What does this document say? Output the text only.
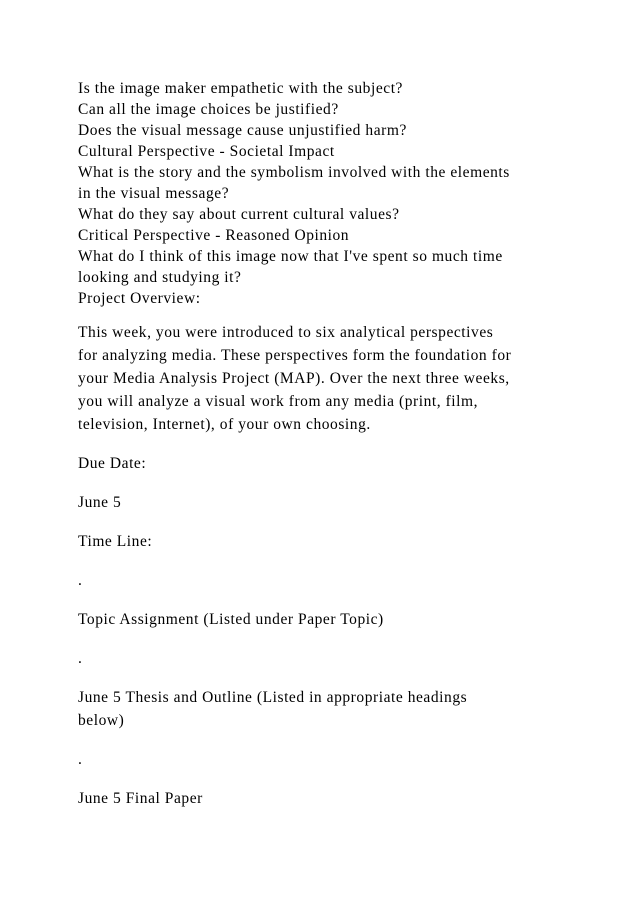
Is the image maker empathetic with the subject?
Can all the image choices be justified?
Does the visual message cause unjustified harm?
Cultural Perspective - Societal Impact
What is the story and the symbolism involved with the elements
in the visual message?
What do they say about current cultural values?
Critical Perspective - Reasoned Opinion
What do I think of this image now that I've spent so much time
looking and studying it?
Project Overview:
This week, you were introduced to six analytical perspectives
for analyzing media. These perspectives form the foundation for
your Media Analysis Project (MAP). Over the next three weeks,
you will analyze a visual work from any media (print, film,
television, Internet), of your own choosing.
Due Date:
June 5
Time Line:
.
Topic Assignment (Listed under Paper Topic)
.
June 5 Thesis and Outline (Listed in appropriate headings
below)
.
June 5 Final Paper
